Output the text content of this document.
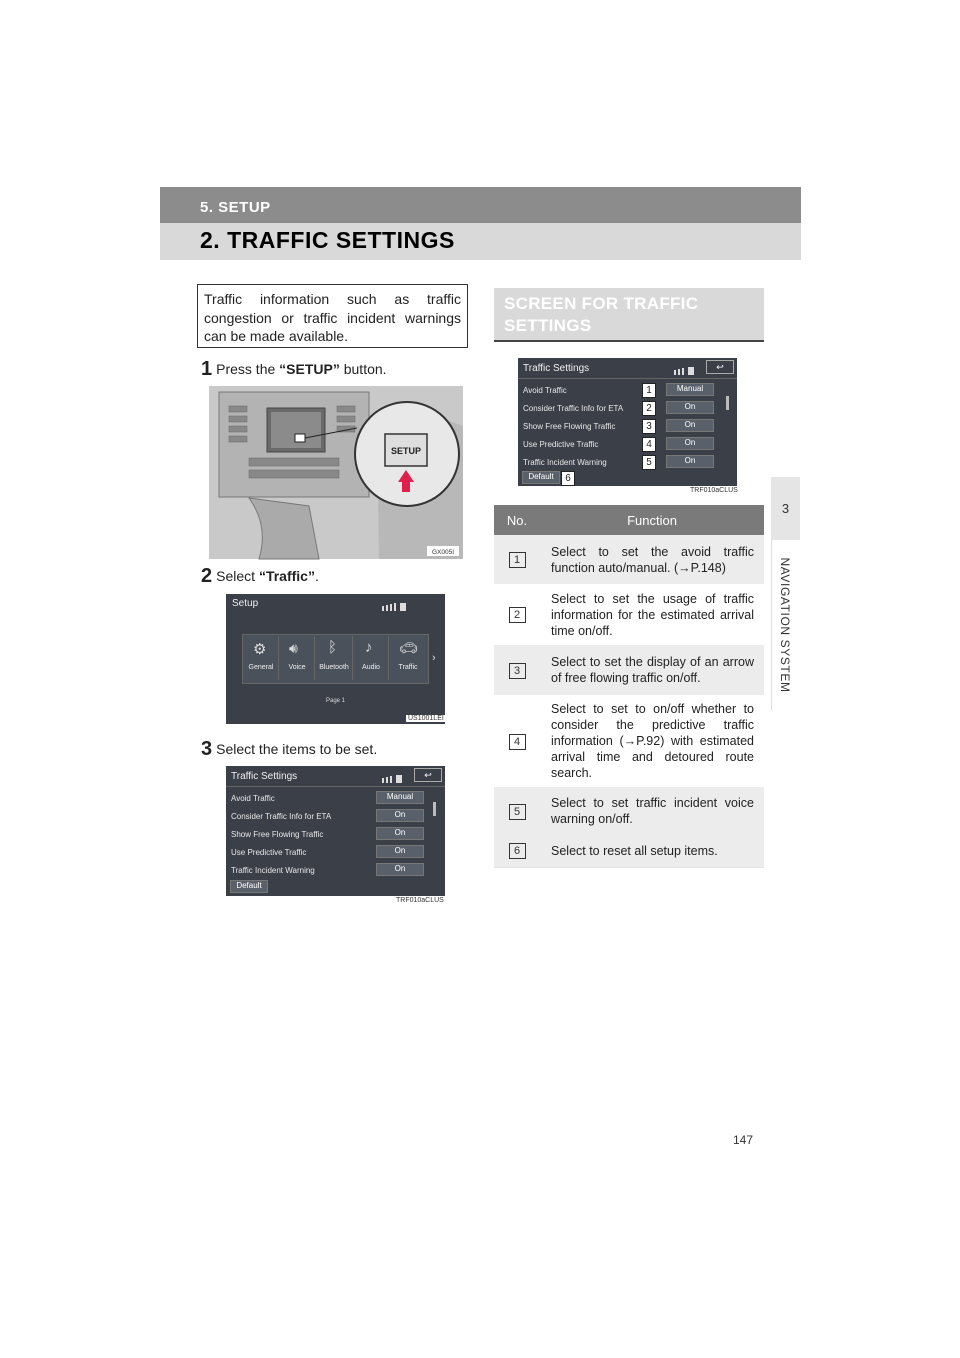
5. SETUP
2. TRAFFIC SETTINGS
3
NAVIGATION SYSTEM
Traffic information such as traffic congestion or traffic incident warnings can be made available.
1 Press the “SETUP” button.
SETUP
GX005I
2 Select “Traffic”.
Setup
⚙
General
🔊︎
Voice
ᛒ
Bluetooth
♪
Audio
🚗︎
Traffic
›
Page 1
US1001LEI
3 Select the items to be set.
Traffic Settings	↩
Avoid Traffic	Manual
Consider Traffic Info for ETA	On
Show Free Flowing Traffic	On
Use Predictive Traffic	On
Traffic Incident Warning	On
Default
TRF010aCLUS
SCREEN FOR TRAFFIC
SETTINGS
Traffic Settings	↩
Avoid Traffic	Manual
Consider Traffic Info for ETA	On
Show Free Flowing Traffic	On
Use Predictive Traffic	On
Traffic Incident Warning	On
Default
1
2
3
4
5
6
TRF010aCLUS
No.	Function
1	Select to set the avoid traffic function auto/manual. (→P.148)
2	Select to set the usage of traffic information for the estimated arrival time on/off.
3	Select to set the display of an arrow of free flowing traffic on/off.
4	Select to set to on/off whether to consider the predictive traffic information (→P.92) with estimated arrival time and detoured route search.
5	Select to set traffic incident voice warning on/off.
6	Select to reset all setup items.
147
